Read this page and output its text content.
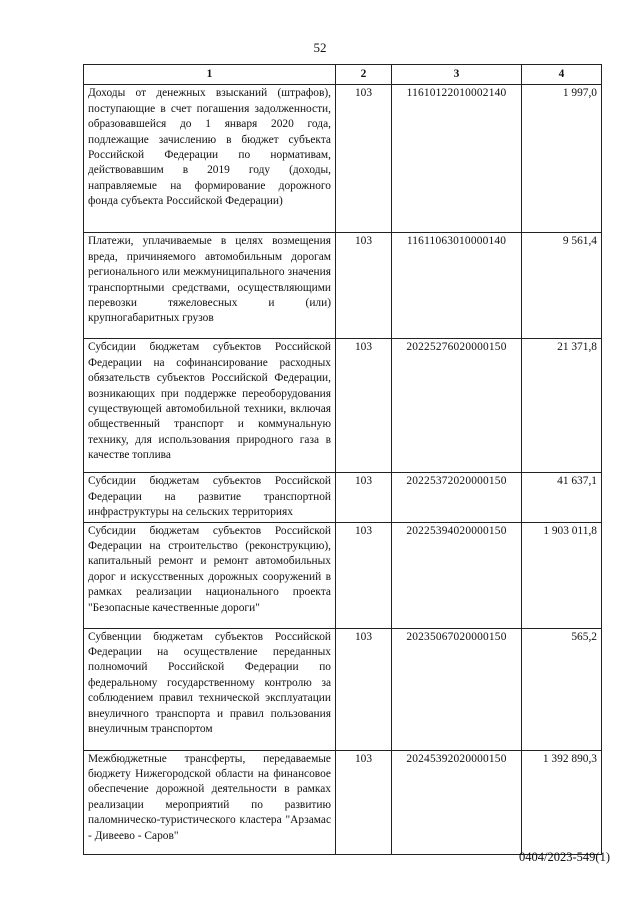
52
1	2	3	4
Доходы от денежных взысканий (штрафов), поступающие в счет погашения задолженности, образовавшейся до 1 января 2020 года, подлежащие зачислению в бюджет субъекта Российской Федерации по нормативам, действовавшим в 2019 году (доходы, направляемые на формирование дорожного фонда субъекта Российской Федерации)	103	11610122010002140	1 997,0
Платежи, уплачиваемые в целях возмещения вреда, причиняемого автомобильным дорогам регионального или межмуниципального значения транспортными средствами, осуществляющими перевозки тяжеловесных и (или) крупногабаритных грузов	103	11611063010000140	9 561,4
Субсидии бюджетам субъектов Российской Федерации на софинансирование расходных обязательств субъектов Российской Федерации, возникающих при поддержке переоборудования существующей автомобильной техники, включая общественный транспорт и коммунальную технику, для использования природного газа в качестве топлива	103	20225276020000150	21 371,8
Субсидии бюджетам субъектов Российской Федерации на развитие транспортной инфраструктуры на сельских территориях	103	20225372020000150	41 637,1
Субсидии бюджетам субъектов Российской Федерации на строительство (реконструкцию), капитальный ремонт и ремонт автомобильных дорог и искусственных дорожных сооружений в рамках реализации национального проекта "Безопасные качественные дороги"	103	20225394020000150	1 903 011,8
Субвенции бюджетам субъектов Российской Федерации на осуществление переданных полномочий Российской Федерации по федеральному государственному контролю за соблюдением правил технической эксплуатации внеуличного транспорта и правил пользования внеуличным транспортом	103	20235067020000150	565,2
Межбюджетные трансферты, передаваемые бюджету Нижегородской области на финансовое обеспечение дорожной деятельности в рамках реализации мероприятий по развитию паломническо-туристического кластера "Арзамас - Дивеево - Саров"	103	20245392020000150	1 392 890,3
0404/2023-549(1)
